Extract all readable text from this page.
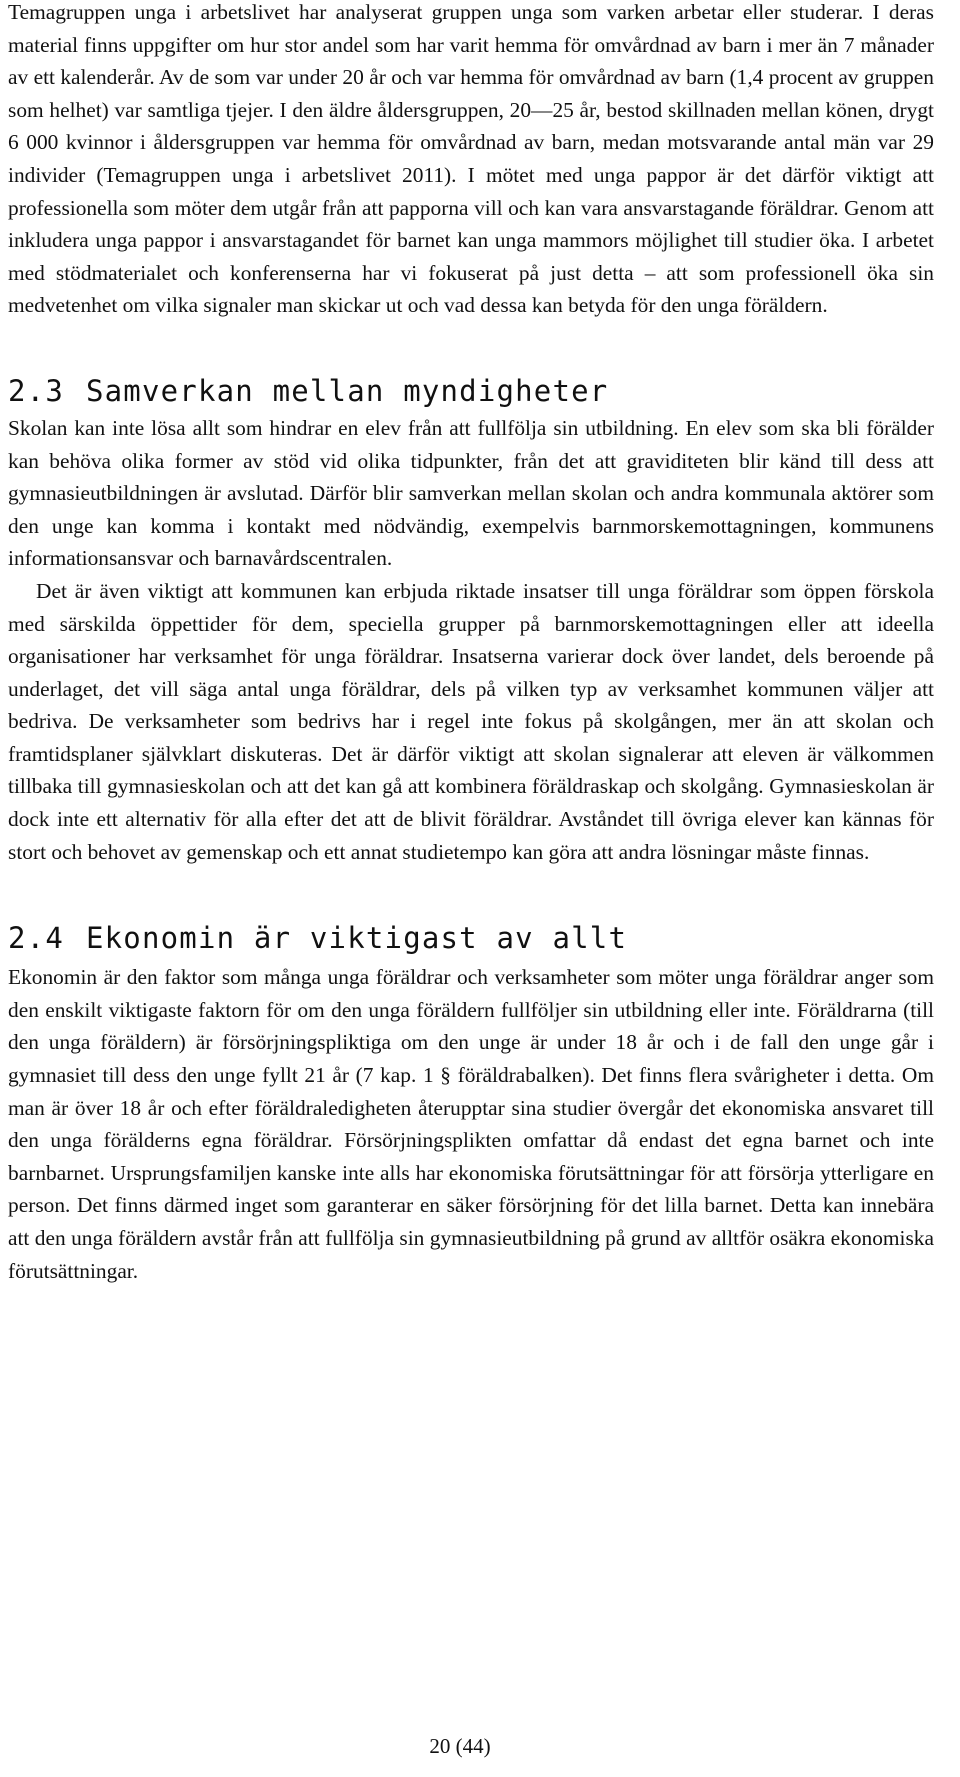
Temagruppen unga i arbetslivet har analyserat gruppen unga som varken arbetar eller studerar. I deras material finns uppgifter om hur stor andel som har varit hemma för omvårdnad av barn i mer än 7 månader av ett kalenderår. Av de som var under 20 år och var hemma för omvårdnad av barn (1,4 procent av gruppen som helhet) var samtliga tjejer. I den äldre åldersgruppen, 20—25 år, bestod skillnaden mellan könen, drygt 6 000 kvinnor i åldersgruppen var hemma för omvårdnad av barn, medan motsvarande antal män var 29 individer (Temagruppen unga i arbetslivet 2011). I mötet med unga pappor är det därför viktigt att professionella som möter dem utgår från att papporna vill och kan vara ansvarstagande föräldrar. Genom att inkludera unga pappor i ansvarstagandet för barnet kan unga mammors möjlighet till studier öka. I arbetet med stödmaterialet och konferenserna har vi fokuserat på just detta – att som professionell öka sin medvetenhet om vilka signaler man skickar ut och vad dessa kan betyda för den unga föräldern.

2.3 Samverkan mellan myndigheter

Skolan kan inte lösa allt som hindrar en elev från att fullfölja sin utbildning. En elev som ska bli förälder kan behöva olika former av stöd vid olika tidpunkter, från det att graviditeten blir känd till dess att gymnasieutbildningen är avslutad. Därför blir samverkan mellan skolan och andra kommunala aktörer som den unge kan komma i kontakt med nödvändig, exempelvis barnmorskemottagningen, kommunens informationsansvar och barnavårdscentralen.

Det är även viktigt att kommunen kan erbjuda riktade insatser till unga föräldrar som öppen förskola med särskilda öppettider för dem, speciella grupper på barnmorskemottagningen eller att ideella organisationer har verksamhet för unga föräldrar. Insatserna varierar dock över landet, dels beroende på underlaget, det vill säga antal unga föräldrar, dels på vilken typ av verksamhet kommunen väljer att bedriva. De verksamheter som bedrivs har i regel inte fokus på skolgången, mer än att skolan och framtidsplaner självklart diskuteras. Det är därför viktigt att skolan signalerar att eleven är välkommen tillbaka till gymnasieskolan och att det kan gå att kombinera föräldraskap och skolgång. Gymnasieskolan är dock inte ett alternativ för alla efter det att de blivit föräldrar. Avståndet till övriga elever kan kännas för stort och behovet av gemenskap och ett annat studietempo kan göra att andra lösningar måste finnas.

2.4 Ekonomin är viktigast av allt

Ekonomin är den faktor som många unga föräldrar och verksamheter som möter unga föräldrar anger som den enskilt viktigaste faktorn för om den unga föräldern fullföljer sin utbildning eller inte. Föräldrarna (till den unga föräldern) är försörjningspliktiga om den unge är under 18 år och i de fall den unge går i gymnasiet till dess den unge fyllt 21 år (7 kap. 1 § föräldrabalken). Det finns flera svårigheter i detta. Om man är över 18 år och efter föräldraledigheten återupptar sina studier övergår det ekonomiska ansvaret till den unga förälderns egna föräldrar. Försörjningsplikten omfattar då endast det egna barnet och inte barnbarnet. Ursprungsfamiljen kanske inte alls har ekonomiska förutsättningar för att försörja ytterligare en person. Det finns därmed inget som garanterar en säker försörjning för det lilla barnet. Detta kan innebära att den unga föräldern avstår från att fullfölja sin gymnasieutbildning på grund av alltför osäkra ekonomiska förutsättningar.

20 (44)
